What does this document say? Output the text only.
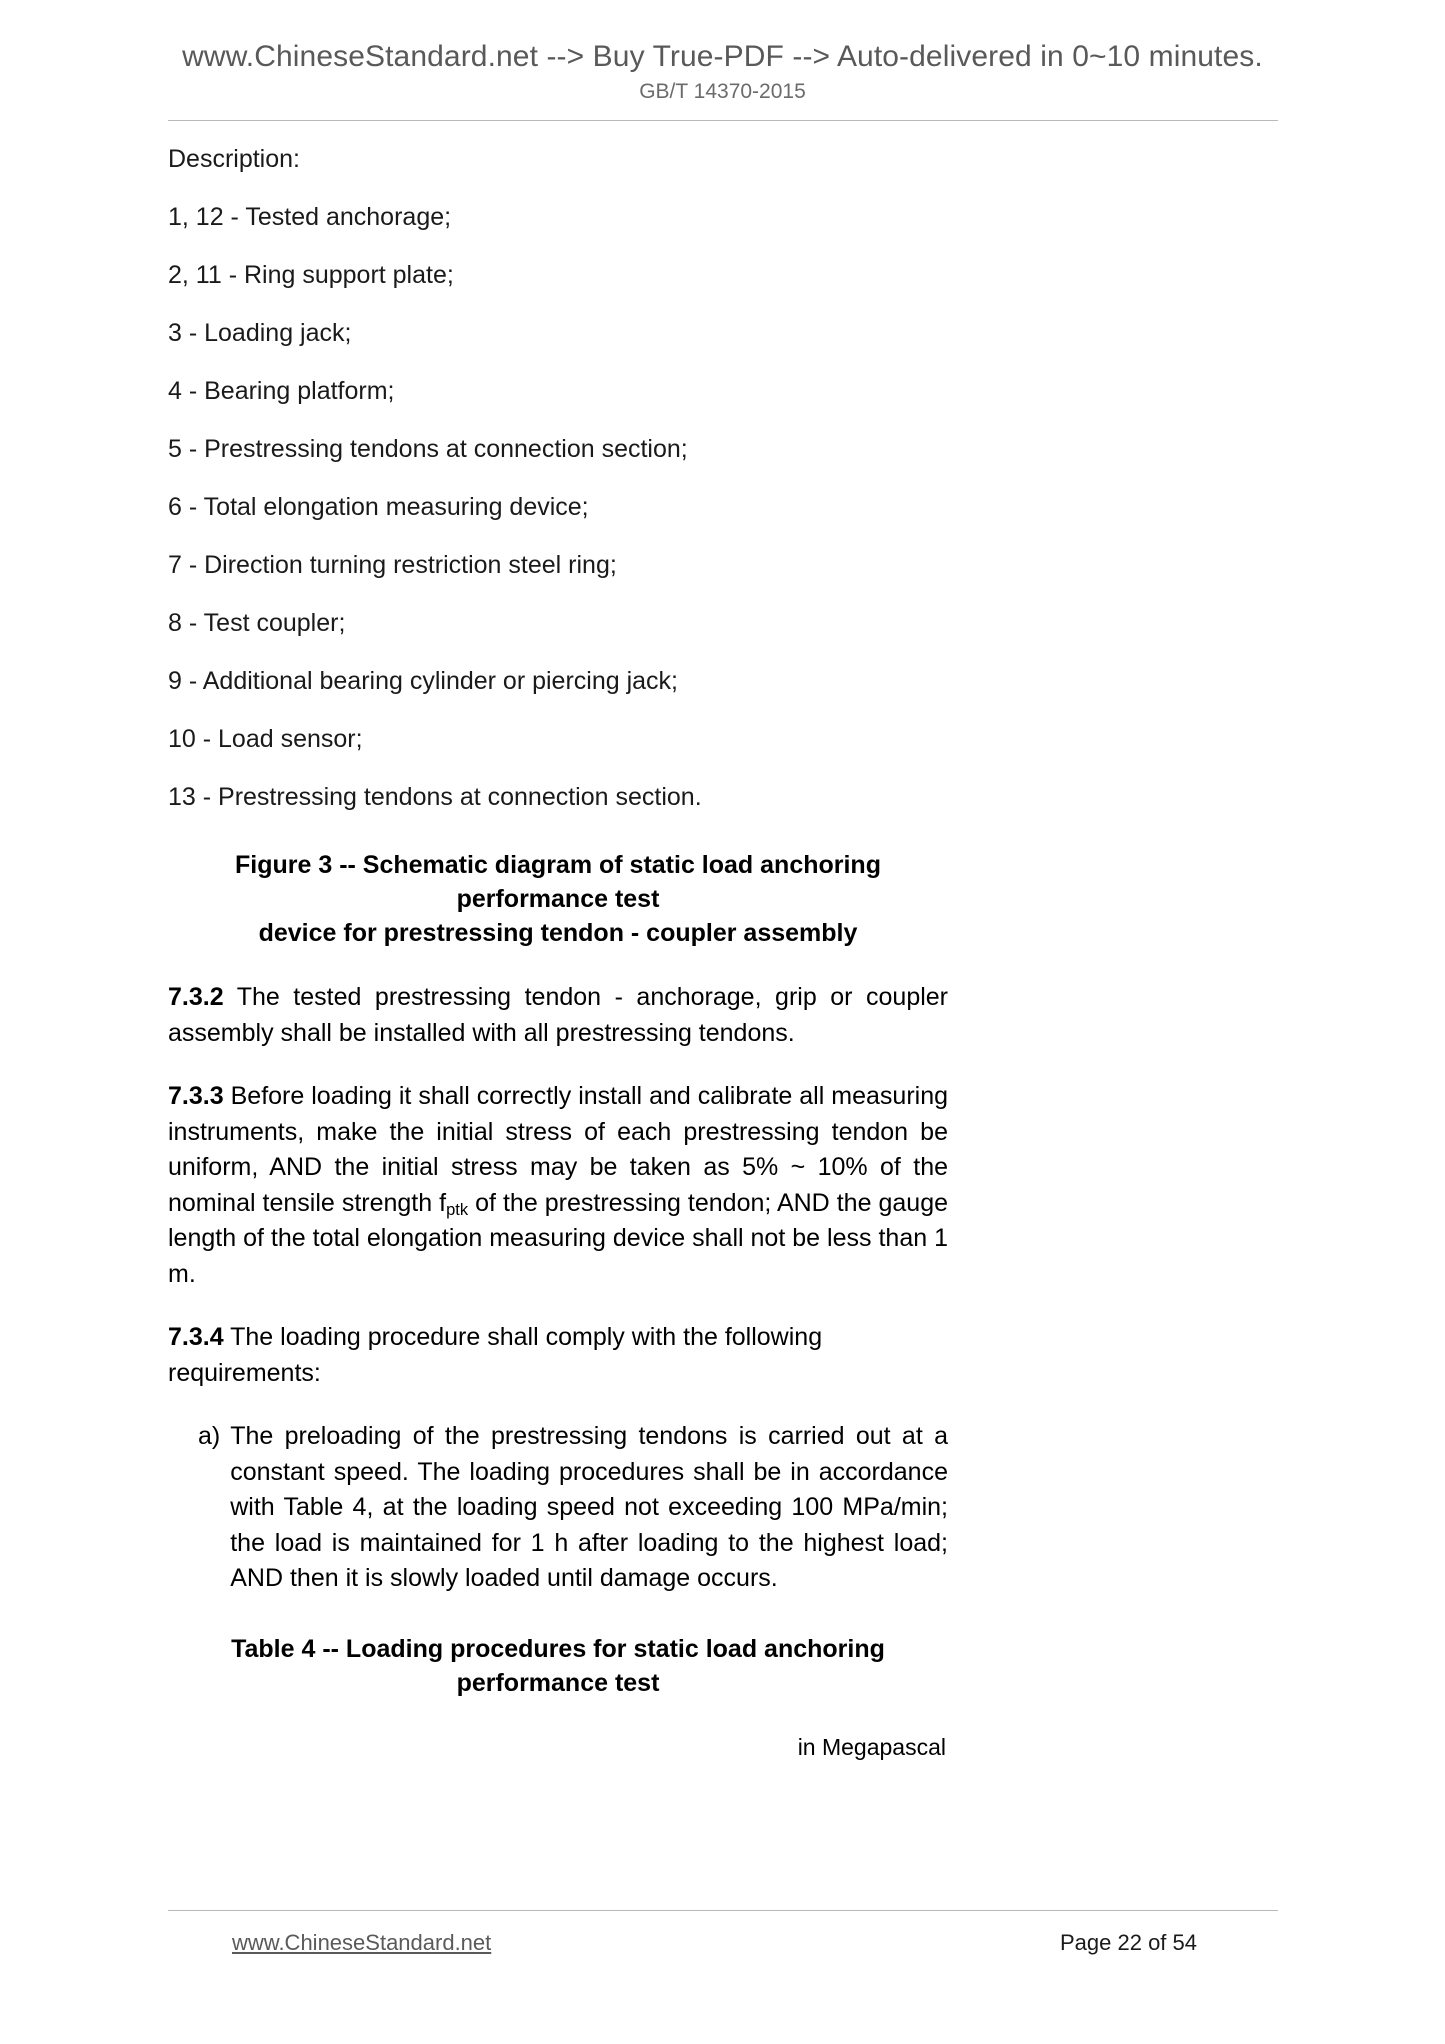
www.ChineseStandard.net --> Buy True-PDF --> Auto-delivered in 0~10 minutes.
GB/T 14370-2015

Description:

1, 12 - Tested anchorage;

2, 11 - Ring support plate;

3 - Loading jack;

4 - Bearing platform;

5 - Prestressing tendons at connection section;

6 - Total elongation measuring device;

7 - Direction turning restriction steel ring;

8 - Test coupler;

9 - Additional bearing cylinder or piercing jack;

10 - Load sensor;

13 - Prestressing tendons at connection section.

Figure 3 -- Schematic diagram of static load anchoring performance test
device for prestressing tendon - coupler assembly

7.3.2 The tested prestressing tendon - anchorage, grip or coupler assembly shall be installed with all prestressing tendons.

7.3.3 Before loading it shall correctly install and calibrate all measuring instruments, make the initial stress of each prestressing tendon be uniform, AND the initial stress may be taken as 5% ~ 10% of the nominal tensile strength $f_{ptk}$ of the prestressing tendon; AND the gauge length of the total elongation measuring device shall not be less than 1 m.

7.3.4 The loading procedure shall comply with the following requirements:

a) The preloading of the prestressing tendons is carried out at a constant speed. The loading procedures shall be in accordance with Table 4, at the loading speed not exceeding 100 MPa/min; the load is maintained for 1 h after loading to the highest load; AND then it is slowly loaded until damage occurs.
Table 4 -- Loading procedures for static load anchoring performance test

in Megapascal

www.ChineseStandard.net	Page 22 of 54
